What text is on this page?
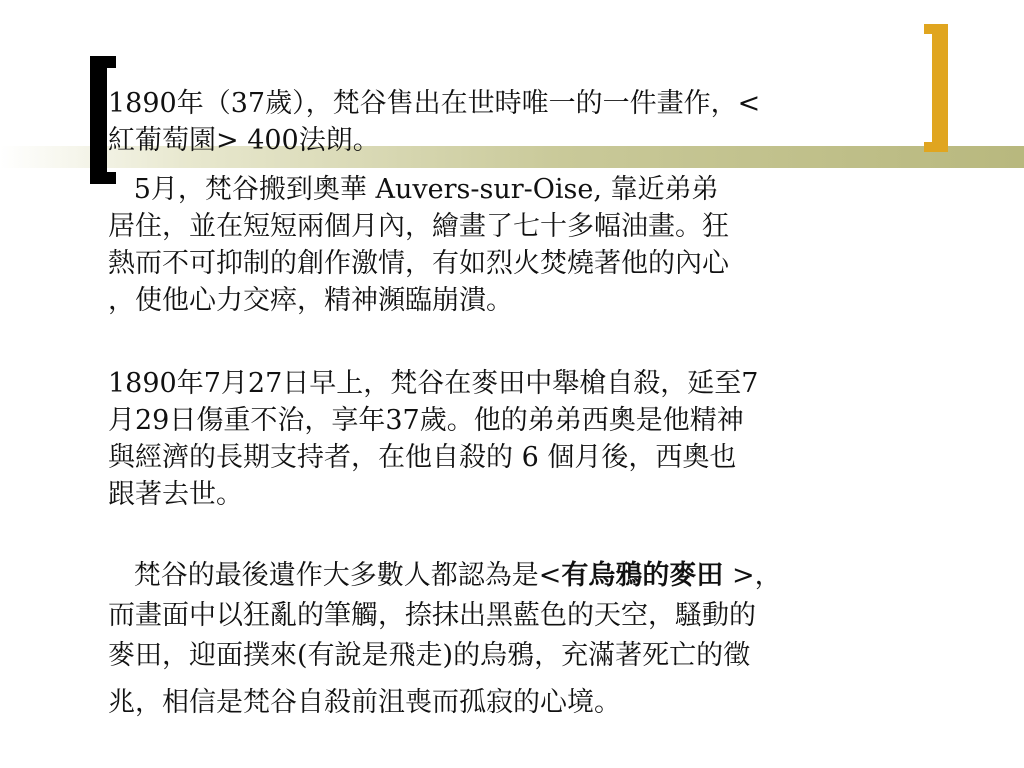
1890年（37歲），梵谷售出在世時唯一的一件畫作，<
紅葡萄園> 400法朗。
5月，梵谷搬到奧華 Auvers-sur-Oise, 靠近弟弟
居住，並在短短兩個月內，繪畫了七十多幅油畫。狂
熱而不可抑制的創作激情，有如烈火焚燒著他的內心
，使他心力交瘁，精神瀕臨崩潰。
1890年7月27日早上，梵谷在麥田中舉槍自殺，延至7
月29日傷重不治，享年37歲。他的弟弟西奧是他精神
與經濟的長期支持者，在他自殺的 6 個月後，西奧也
跟著去世。
梵谷的最後遺作大多數人都認為是<有烏鴉的麥田 >，
而畫面中以狂亂的筆觸，捺抹出黑藍色的天空，騷動的
麥田，迎面撲來(有說是飛走)的烏鴉，充滿著死亡的徵

兆，相信是梵谷自殺前沮喪而孤寂的心境。
